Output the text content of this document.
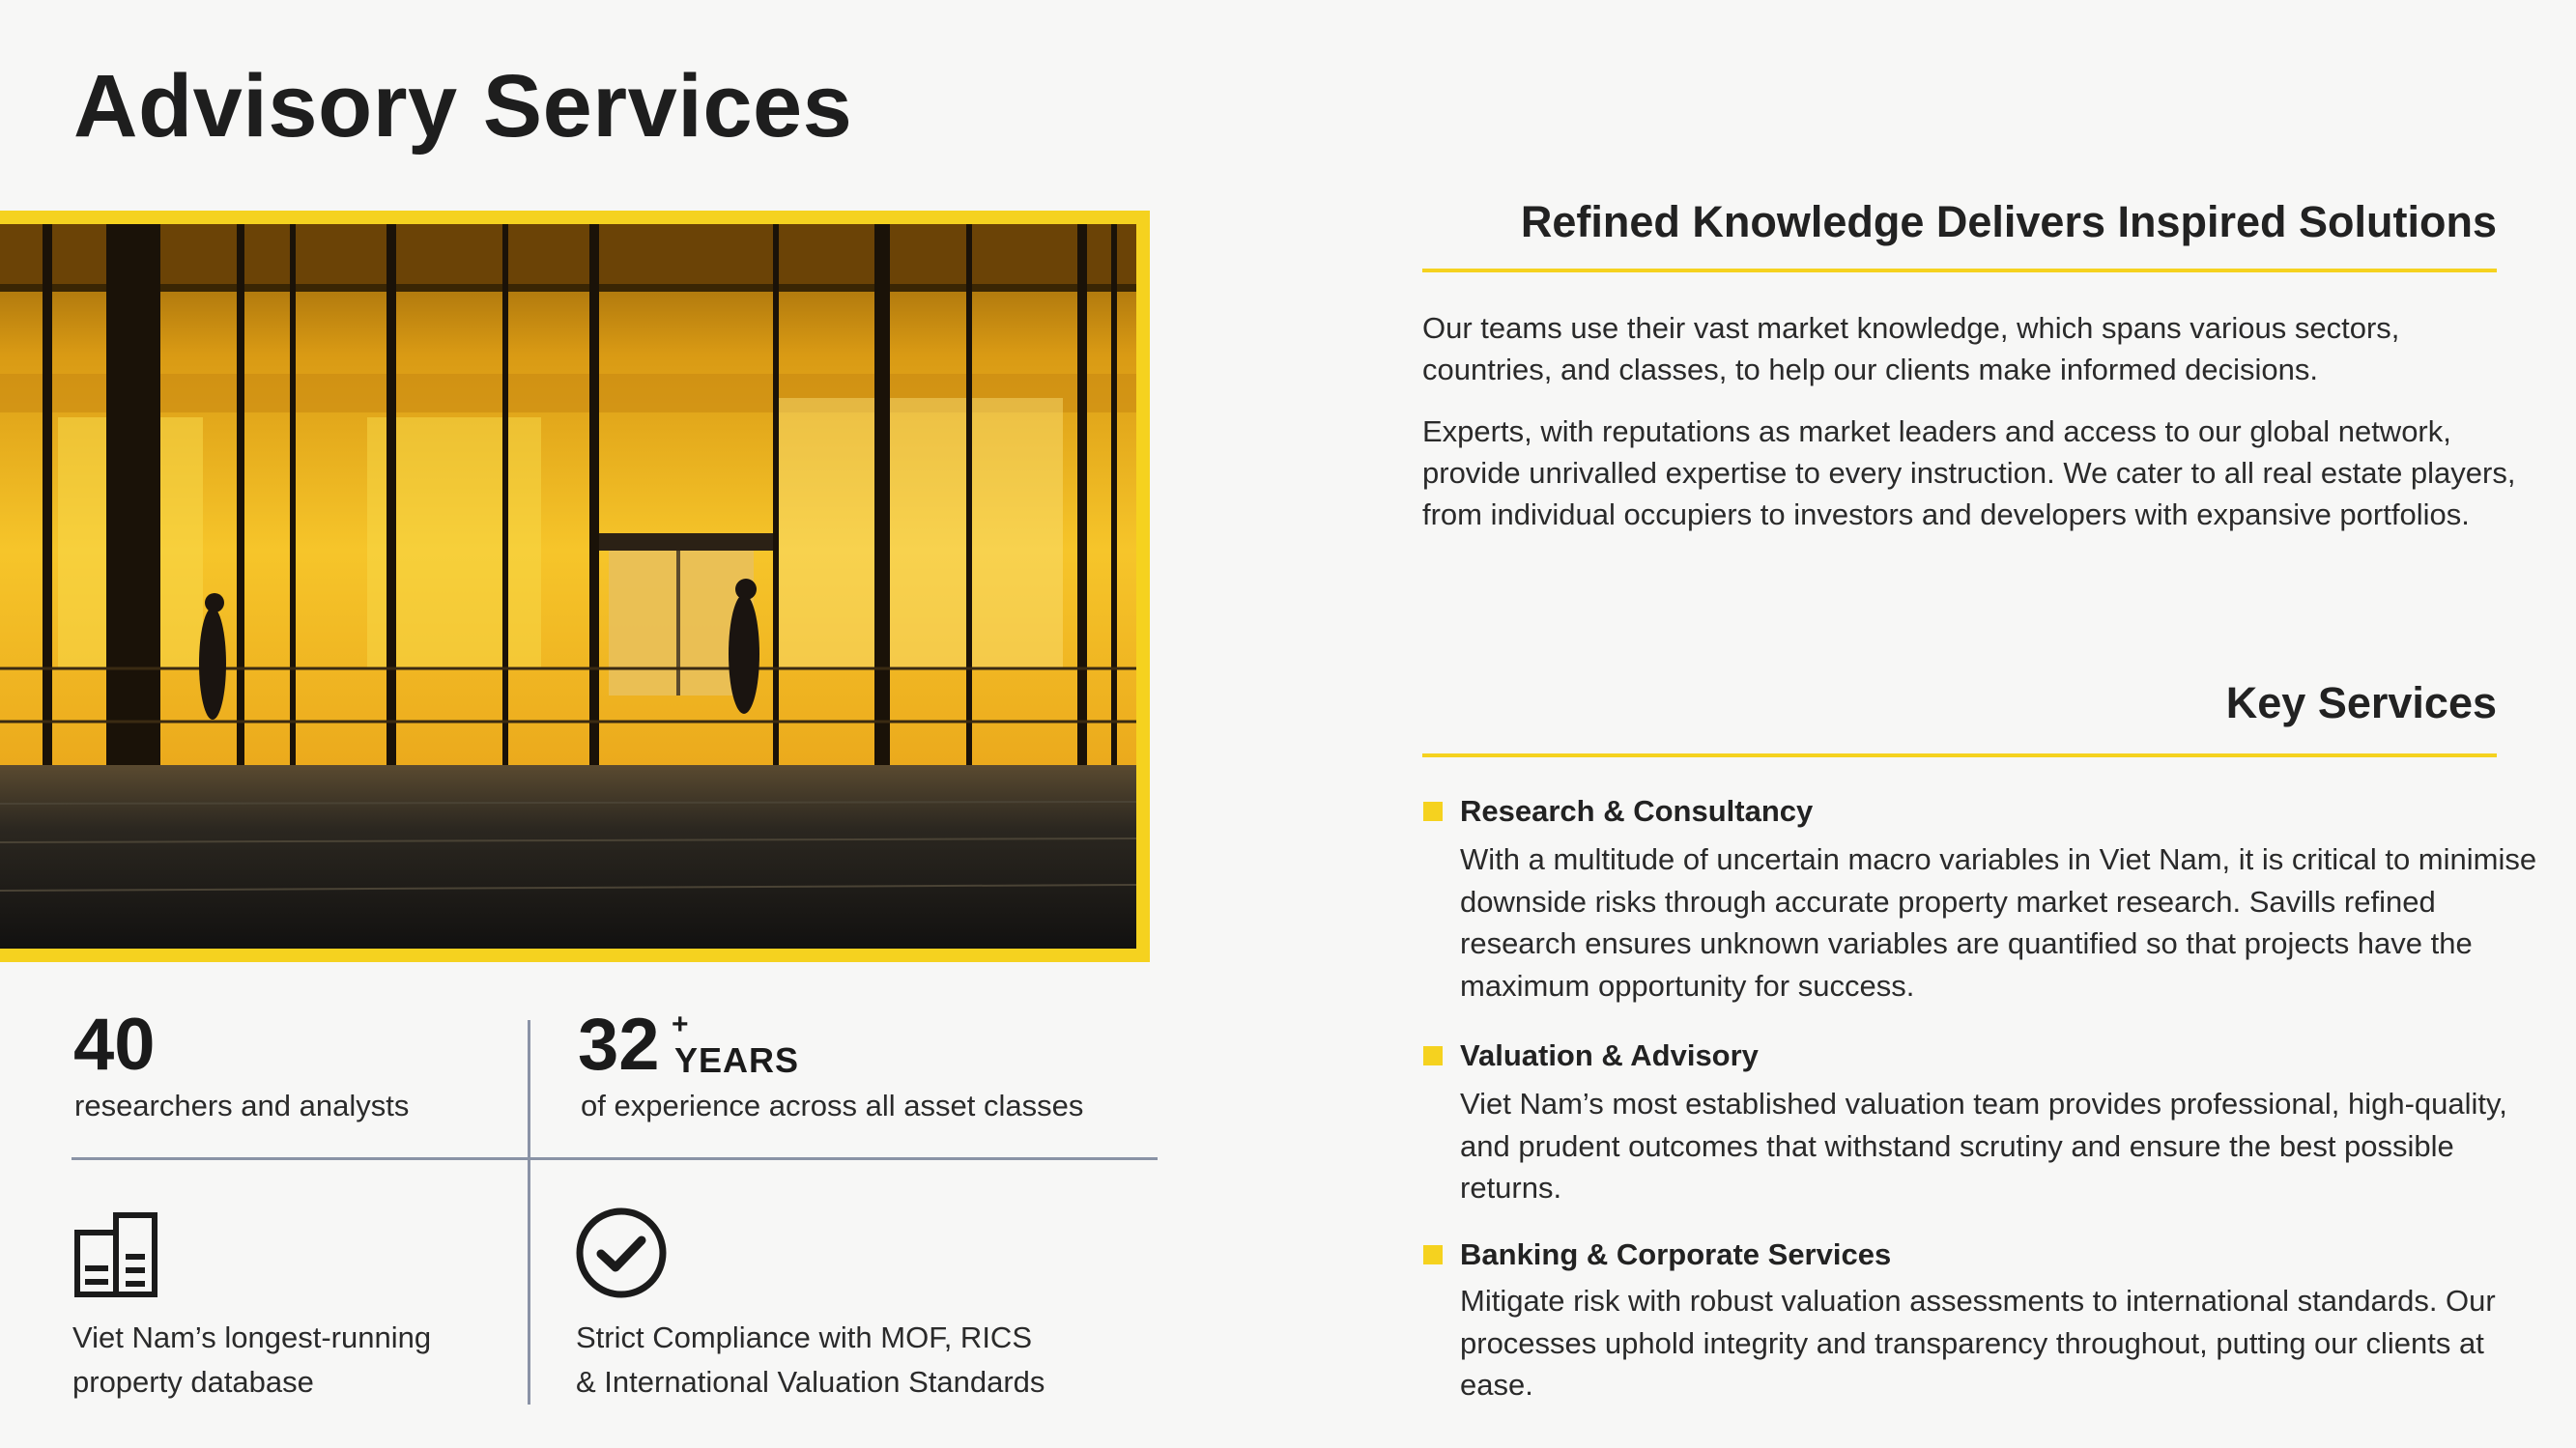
Advisory Services
40
researchers and analysts
32 +
YEARS
of experience across all asset classes
Viet Nam’s longest-running
property database
Strict Compliance with MOF, RICS
& International Valuation Standards
Refined Knowledge Delivers Inspired Solutions

Our teams use their vast market knowledge, which spans various sectors, countries, and classes, to help our clients make informed decisions.

Experts, with reputations as market leaders and access to our global network, provide unrivalled expertise to every instruction. We cater to all real estate players, from individual occupiers to investors and developers with expansive portfolios.

Key Services
Research & Consultancy

With a multitude of uncertain macro variables in Viet Nam, it is critical to minimise downside risks through accurate property market research. Savills refined research ensures unknown variables are quantified so that projects have the maximum opportunity for success.

Valuation & Advisory

Viet Nam’s most established valuation team provides professional, high-quality, and prudent outcomes that withstand scrutiny and ensure the best possible returns.

Banking & Corporate Services

Mitigate risk with robust valuation assessments to international standards. Our processes uphold integrity and transparency throughout, putting our clients at ease.
